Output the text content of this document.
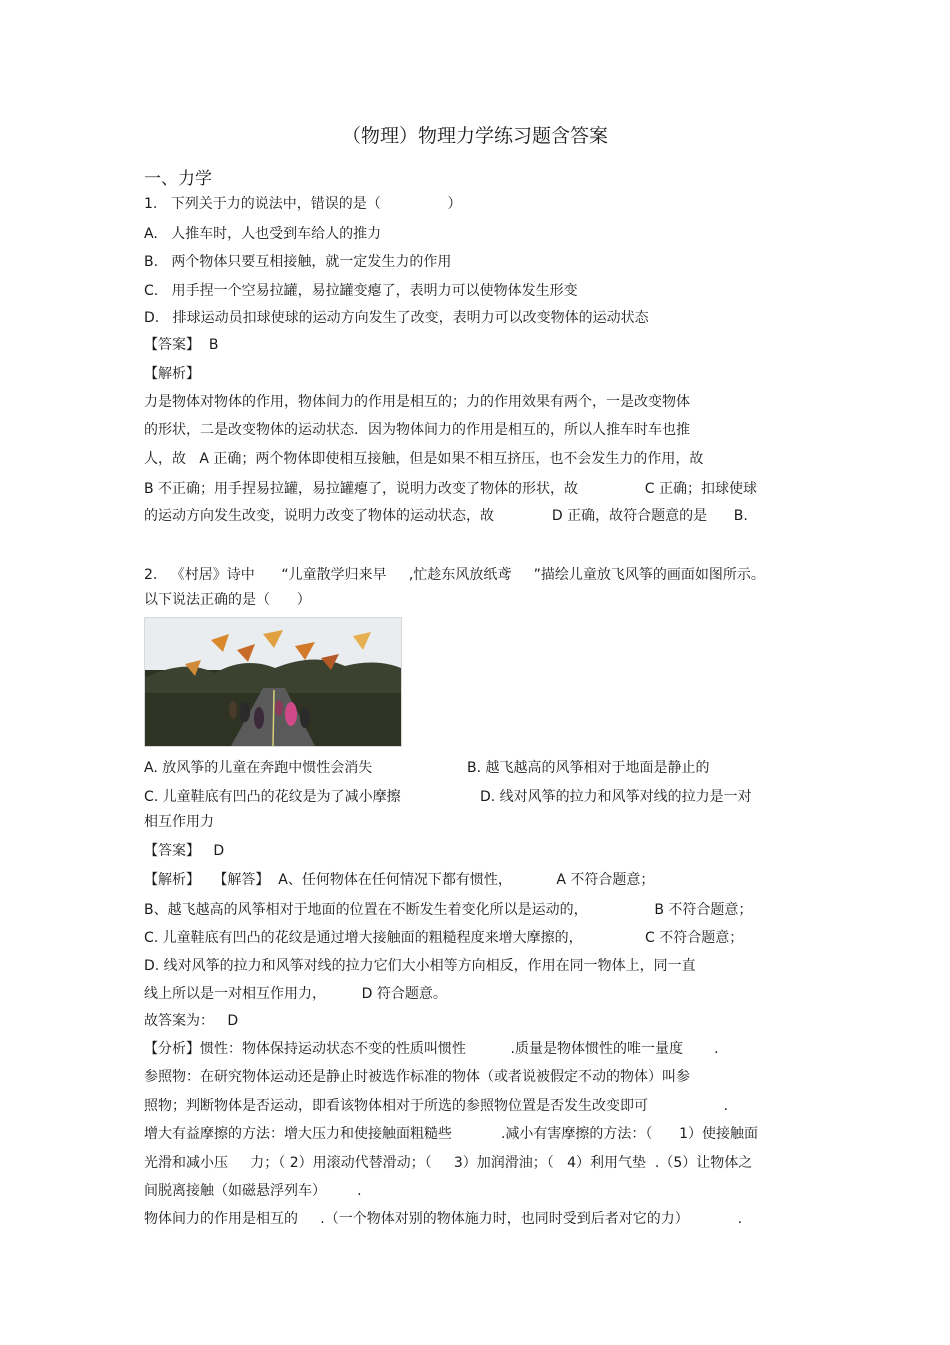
（物理）物理力学练习题含答案
一、力学
1.   下列关于力的说法中，错误的是（               ）
A.   人推车时，人也受到车给人的推力
B.   两个物体只要互相接触，就一定发生力的作用
C.   用手捏一个空易拉罐，易拉罐变瘪了，表明力可以使物体发生形变
D.   排球运动员扣球使球的运动方向发生了改变，表明力可以改变物体的运动状态
【答案】  B
【解析】
力是物体对物体的作用，物体间力的作用是相互的；力的作用效果有两个，一是改变物体
的形状，二是改变物体的运动状态．因为物体间力的作用是相互的，所以人推车时车也推
人，故   A 正确；两个物体即使相互接触，但是如果不相互挤压，也不会发生力的作用，故
B 不正确；用手捏易拉罐，易拉罐瘪了，说明力改变了物体的形状，故               C 正确；扣球使球
的运动方向发生改变，说明力改变了物体的运动状态，故             D 正确，故符合题意的是      B.
2.   《村居》诗中      “儿童散学归来早     ,忙趁东风放纸鸢     ”描绘儿童放飞风筝的画面如图所示。
以下说法正确的是（      ）
A. 放风筝的儿童在奔跑中惯性会消失	B. 越飞越高的风筝相对于地面是静止的
C. 儿童鞋底有凹凸的花纹是为了减小摩擦	D. 线对风筝的拉力和风筝对线的拉力是一对
相互作用力
【答案】   D
【解析】   【解答】  A、任何物体在任何情况下都有惯性，          A 不符合题意；
B、越飞越高的风筝相对于地面的位置在不断发生着变化所以是运动的，               B 不符合题意；
C. 儿童鞋底有凹凸的花纹是通过增大接触面的粗糙程度来增大摩擦的，              C 不符合题意；
D. 线对风筝的拉力和风筝对线的拉力它们大小相等方向相反，作用在同一物体上，同一直
线上所以是一对相互作用力，        D 符合题意。
故答案为：   D
【分析】惯性：物体保持运动状态不变的性质叫惯性          .质量是物体惯性的唯一量度       .
参照物：在研究物体运动还是静止时被选作标准的物体（或者说被假定不动的物体）叫参
照物；判断物体是否运动，即看该物体相对于所选的参照物位置是否发生改变即可                 .
增大有益摩擦的方法：增大压力和使接触面粗糙些           .减小有害摩擦的方法：（      1）使接触面
光滑和减小压     力；（ 2）用滚动代替滑动；（     3）加润滑油；（   4）利用气垫  .（5）让物体之
间脱离接触（如磁悬浮列车）       .
物体间力的作用是相互的     .（一个物体对别的物体施力时，也同时受到后者对它的力）           .
